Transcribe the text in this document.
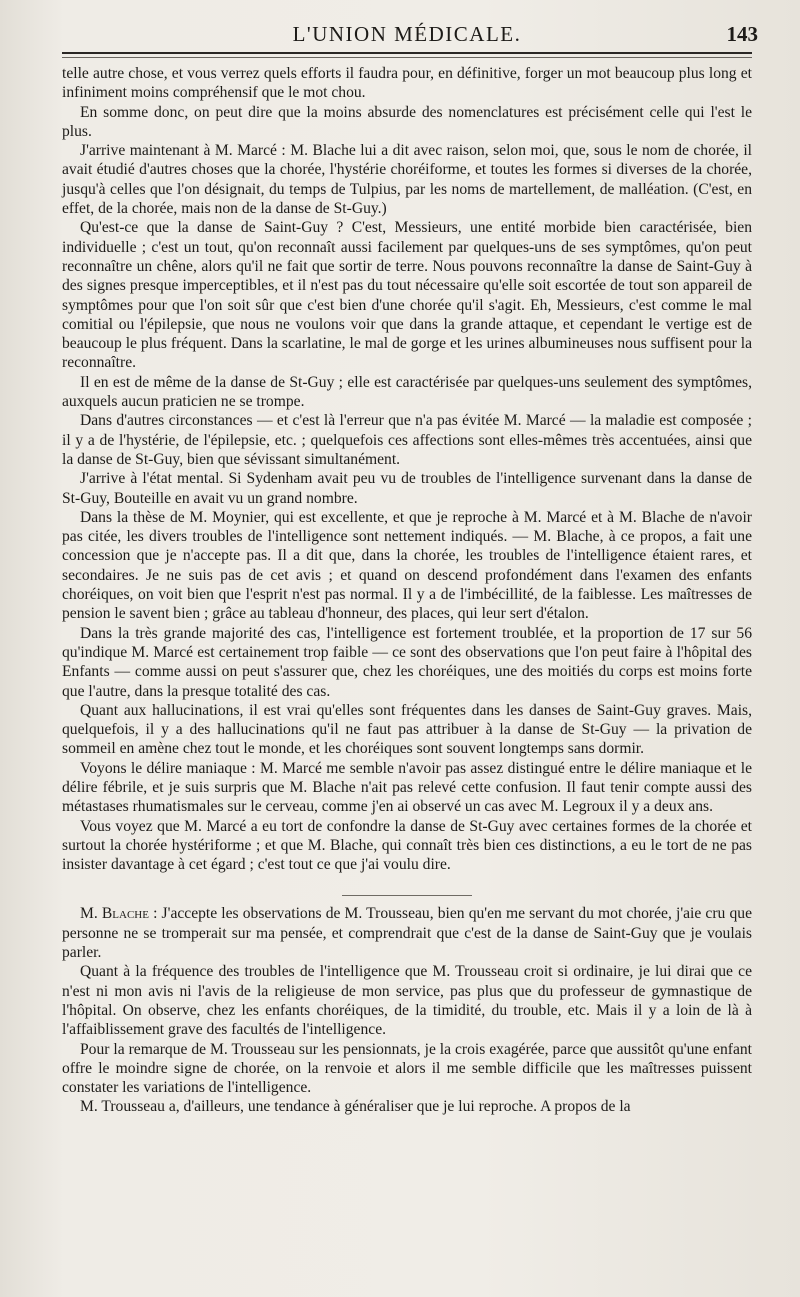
L'UNION MÉDICALE.	143

telle autre chose, et vous verrez quels efforts il faudra pour, en définitive, forger un mot beaucoup plus long et infiniment moins compréhensif que le mot chou.

En somme donc, on peut dire que la moins absurde des nomenclatures est précisément celle qui l'est le plus.

J'arrive maintenant à M. Marcé : M. Blache lui a dit avec raison, selon moi, que, sous le nom de chorée, il avait étudié d'autres choses que la chorée, l'hystérie choréiforme, et toutes les formes si diverses de la chorée, jusqu'à celles que l'on désignait, du temps de Tulpius, par les noms de martellement, de malléation. (C'est, en effet, de la chorée, mais non de la danse de St-Guy.)

Qu'est-ce que la danse de Saint-Guy ? C'est, Messieurs, une entité morbide bien caractérisée, bien individuelle ; c'est un tout, qu'on reconnaît aussi facilement par quelques-uns de ses symptômes, qu'on peut reconnaître un chêne, alors qu'il ne fait que sortir de terre. Nous pouvons reconnaître la danse de Saint-Guy à des signes presque imperceptibles, et il n'est pas du tout nécessaire qu'elle soit escortée de tout son appareil de symptômes pour que l'on soit sûr que c'est bien d'une chorée qu'il s'agit. Eh, Messieurs, c'est comme le mal comitial ou l'épilepsie, que nous ne voulons voir que dans la grande attaque, et cependant le vertige est de beaucoup le plus fréquent. Dans la scarlatine, le mal de gorge et les urines albumineuses nous suffisent pour la reconnaître.

Il en est de même de la danse de St-Guy ; elle est caractérisée par quelques-uns seulement des symptômes, auxquels aucun praticien ne se trompe.

Dans d'autres circonstances — et c'est là l'erreur que n'a pas évitée M. Marcé — la maladie est composée ; il y a de l'hystérie, de l'épilepsie, etc. ; quelquefois ces affections sont elles-mêmes très accentuées, ainsi que la danse de St-Guy, bien que sévissant simultanément.

J'arrive à l'état mental. Si Sydenham avait peu vu de troubles de l'intelligence survenant dans la danse de St-Guy, Bouteille en avait vu un grand nombre.

Dans la thèse de M. Moynier, qui est excellente, et que je reproche à M. Marcé et à M. Blache de n'avoir pas citée, les divers troubles de l'intelligence sont nettement indiqués. — M. Blache, à ce propos, a fait une concession que je n'accepte pas. Il a dit que, dans la chorée, les troubles de l'intelligence étaient rares, et secondaires. Je ne suis pas de cet avis ; et quand on descend profondément dans l'examen des enfants choréiques, on voit bien que l'esprit n'est pas normal. Il y a de l'imbécillité, de la faiblesse. Les maîtresses de pension le savent bien ; grâce au tableau d'honneur, des places, qui leur sert d'étalon.

Dans la très grande majorité des cas, l'intelligence est fortement troublée, et la proportion de 17 sur 56 qu'indique M. Marcé est certainement trop faible — ce sont des observations que l'on peut faire à l'hôpital des Enfants — comme aussi on peut s'assurer que, chez les choréiques, une des moitiés du corps est moins forte que l'autre, dans la presque totalité des cas.

Quant aux hallucinations, il est vrai qu'elles sont fréquentes dans les danses de Saint-Guy graves. Mais, quelquefois, il y a des hallucinations qu'il ne faut pas attribuer à la danse de St-Guy — la privation de sommeil en amène chez tout le monde, et les choréiques sont souvent longtemps sans dormir.

Voyons le délire maniaque : M. Marcé me semble n'avoir pas assez distingué entre le délire maniaque et le délire fébrile, et je suis surpris que M. Blache n'ait pas relevé cette confusion. Il faut tenir compte aussi des métastases rhumatismales sur le cerveau, comme j'en ai observé un cas avec M. Legroux il y a deux ans.

Vous voyez que M. Marcé a eu tort de confondre la danse de St-Guy avec certaines formes de la chorée et surtout la chorée hystériforme ; et que M. Blache, qui connaît très bien ces distinctions, a eu le tort de ne pas insister davantage à cet égard ; c'est tout ce que j'ai voulu dire.

M. Blache : J'accepte les observations de M. Trousseau, bien qu'en me servant du mot chorée, j'aie cru que personne ne se tromperait sur ma pensée, et comprendrait que c'est de la danse de Saint-Guy que je voulais parler.

Quant à la fréquence des troubles de l'intelligence que M. Trousseau croit si ordinaire, je lui dirai que ce n'est ni mon avis ni l'avis de la religieuse de mon service, pas plus que du professeur de gymnastique de l'hôpital. On observe, chez les enfants choréiques, de la timidité, du trouble, etc. Mais il y a loin de là à l'affaiblissement grave des facultés de l'intelligence.

Pour la remarque de M. Trousseau sur les pensionnats, je la crois exagérée, parce que aussitôt qu'une enfant offre le moindre signe de chorée, on la renvoie et alors il me semble difficile que les maîtresses puissent constater les variations de l'intelligence.

M. Trousseau a, d'ailleurs, une tendance à généraliser que je lui reproche. A propos de la
